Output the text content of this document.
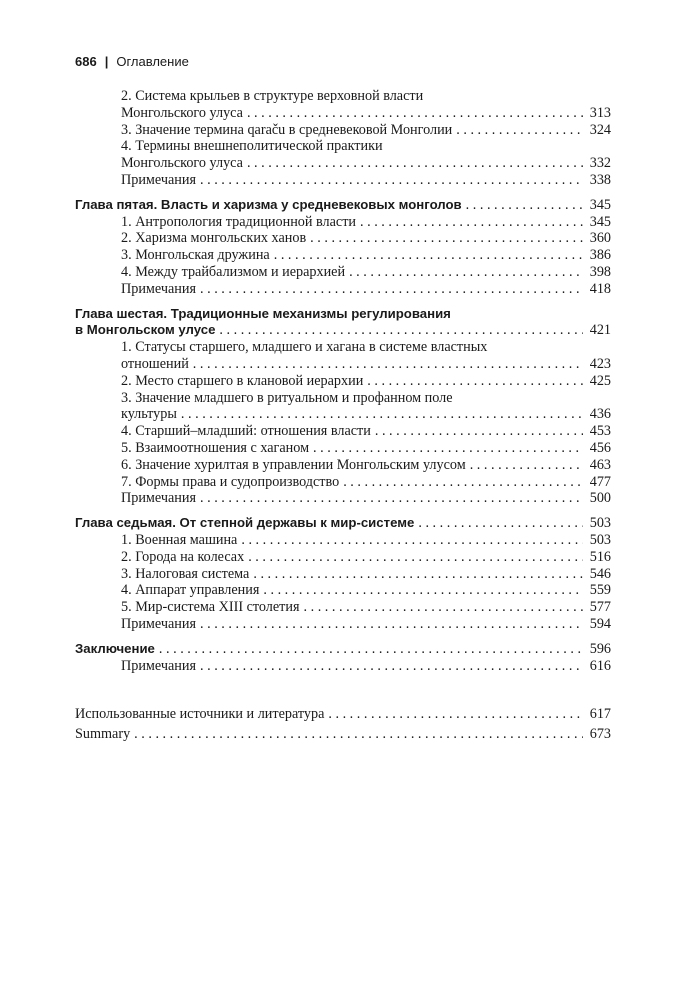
686 | Оглавление
2. Система крыльев в структуре верховной власти
Монгольского улуса . . .	313
3. Значение термина qaraču в средневековой Монголии . . .	324
4. Термины внешнеполитической практики
Монгольского улуса . . .	332
Примечания . . .	338
Глава пятая. Власть и харизма у средневековых монголов . . .	345
1. Антропология традиционной власти . . .	345
2. Харизма монгольских ханов . . .	360
3. Монгольская дружина . . .	386
4. Между трайбализмом и иерархией . . .	398
Примечания . . .	418
Глава шестая. Традиционные механизмы регулирования
в Монгольском улусе . . .	421
1. Статусы старшего, младшего и хагана в системе властных
отношений . . .	423
2. Место старшего в клановой иерархии . . .	425
3. Значение младшего в ритуальном и профанном поле
культуры . . .	436
4. Старший–младший: отношения власти . . .	453
5. Взаимоотношения с хаганом . . .	456
6. Значение хурилтая в управлении Монгольским улусом . . .	463
7. Формы права и судопроизводство . . .	477
Примечания . . .	500
Глава седьмая. От степной державы к мир-системе . . .	503
1. Военная машина . . .	503
2. Города на колесах . . .	516
3. Налоговая система . . .	546
4. Аппарат управления . . .	559
5. Мир-система XIII столетия . . .	577
Примечания . . .	594
Заключение . . .	596
Примечания . . .	616
Использованные источники и литература . . .	617
Summary . . .	673
